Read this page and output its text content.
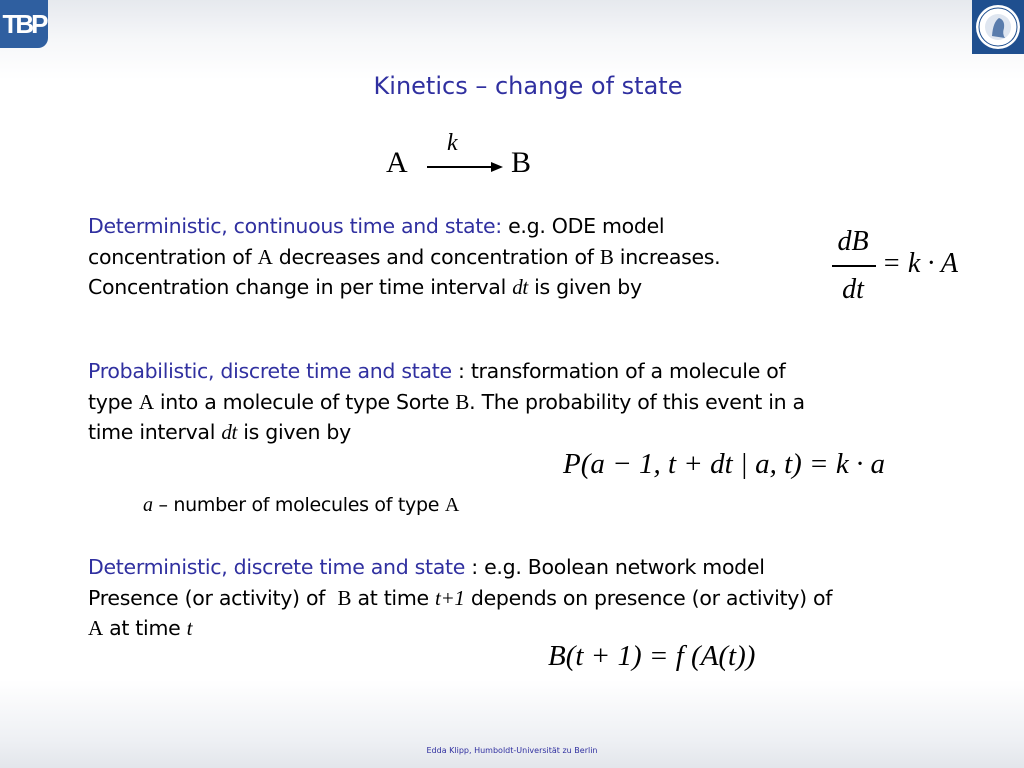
TBP
Kinetics – change of state
A
k
B
Deterministic, continuous time and state: e.g. ODE model
concentration of A decreases and concentration of B increases.
Concentration change in per time interval dt is given by
dB
dt
= k · A
Probabilistic, discrete time and state : transformation of a molecule of
type A into a molecule of type Sorte B. The probability of this event in a
time interval dt is given by
P(a − 1, t + dt | a, t) = k · a
a – number of molecules of type A
Deterministic, discrete time and state : e.g. Boolean network model
Presence (or activity) of  B at time t+1 depends on presence (or activity) of
A at time t
B(t + 1) = f (A(t))
Edda Klipp, Humboldt-Universität zu Berlin
